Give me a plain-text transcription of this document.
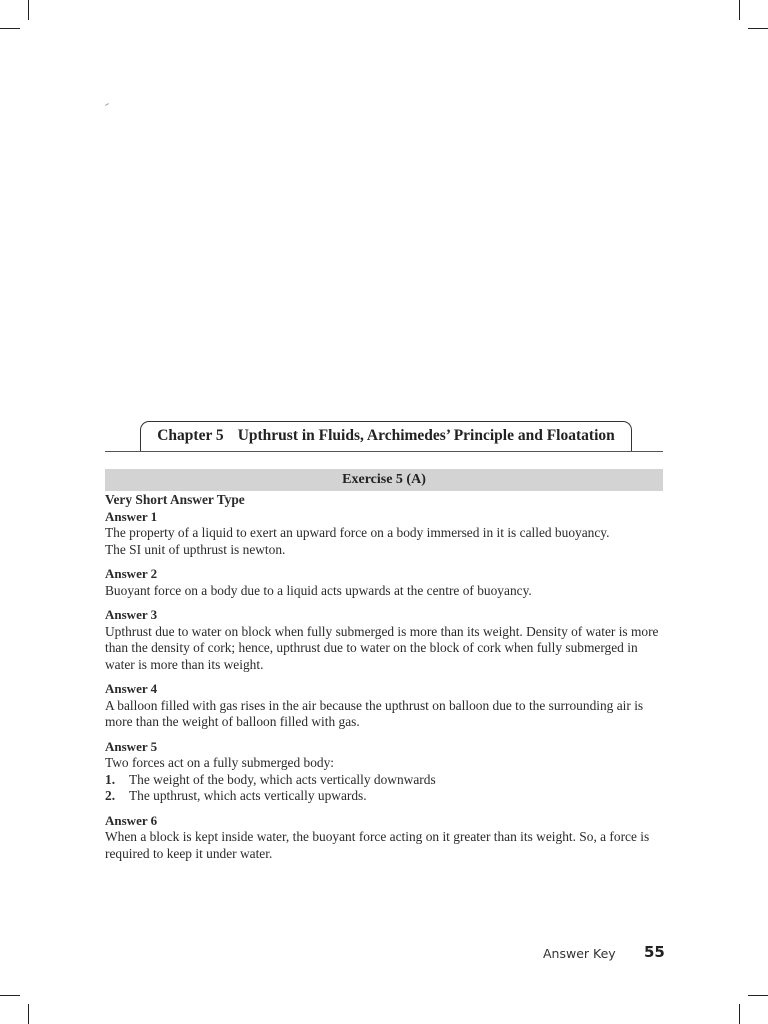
Chapter 5 Upthrust in Fluids, Archimedes’ Principle and Floatation
Exercise 5 (A)
Very Short Answer Type
Answer 1

The property of a liquid to exert an upward force on a body immersed in it is called buoyancy.

The SI unit of upthrust is newton.

Answer 2

Buoyant force on a body due to a liquid acts upwards at the centre of buoyancy.

Answer 3

Upthrust due to water on block when fully submerged is more than its weight. Density of water is more than the density of cork; hence, upthrust due to water on the block of cork when fully submerged in water is more than its weight.

Answer 4

A balloon filled with gas rises in the air because the upthrust on balloon due to the surrounding air is more than the weight of balloon filled with gas.

Answer 5

Two forces act on a fully submerged body:

1.	The weight of the body, which acts vertically downwards
2.	The upthrust, which acts vertically upwards.
Answer 6

When a block is kept inside water, the buoyant force acting on it greater than its weight. So, a force is required to keep it under water.

Answer Key 55
